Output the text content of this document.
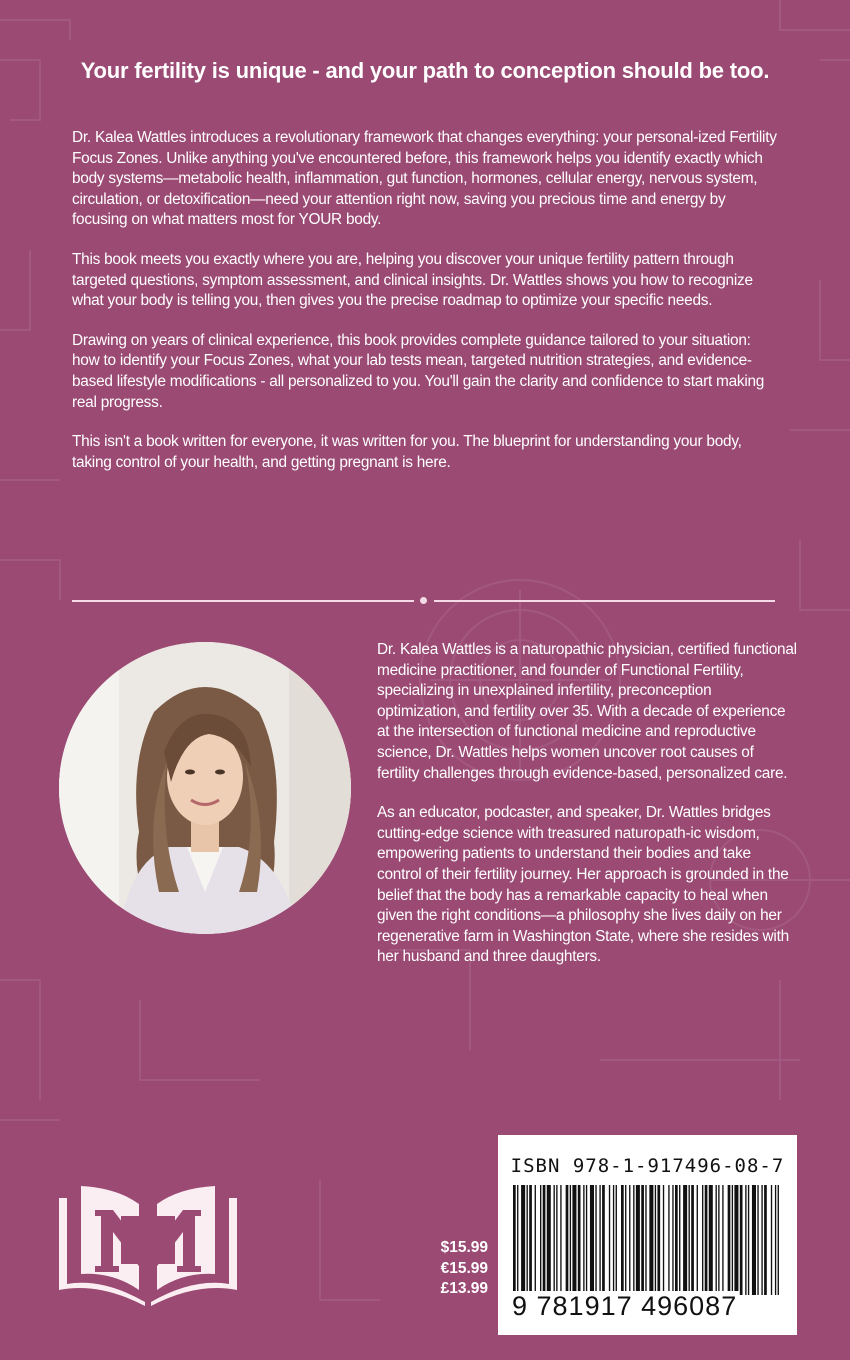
Your fertility is unique - and your path to conception should be too.

Dr. Kalea Wattles introduces a revolutionary framework that changes everything: your personal-ized Fertility Focus Zones. Unlike anything you've encountered before, this framework helps you identify exactly which body systems—metabolic health, inflammation, gut function, hormones, cellular energy, nervous system, circulation, or detoxification—need your attention right now, saving you precious time and energy by focusing on what matters most for YOUR body.

This book meets you exactly where you are, helping you discover your unique fertility pattern through targeted questions, symptom assessment, and clinical insights. Dr. Wattles shows you how to recognize what your body is telling you, then gives you the precise roadmap to optimize your specific needs.

Drawing on years of clinical experience, this book provides complete guidance tailored to your situation: how to identify your Focus Zones, what your lab tests mean, targeted nutrition strategies, and evidence-based lifestyle modifications - all personalized to you. You'll gain the clarity and confidence to start making real progress.

This isn't a book written for everyone, it was written for you. The blueprint for understanding your body, taking control of your health, and getting pregnant is here.

Dr. Kalea Wattles is a naturopathic physician, certified functional medicine practitioner, and founder of Functional Fertility, specializing in unexplained infertility, preconception optimization, and fertility over 35. With a decade of experience at the intersection of functional medicine and reproductive science, Dr. Wattles helps women uncover root causes of fertility challenges through evidence-based, personalized care.

As an educator, podcaster, and speaker, Dr. Wattles bridges cutting-edge science with treasured naturopath-ic wisdom, empowering patients to understand their bodies and take control of their fertility journey. Her approach is grounded in the belief that the body has a remarkable capacity to heal when given the right conditions—a philosophy she lives daily on her regenerative farm in Washington State, where she resides with her husband and three daughters.

$15.99
€15.99
£13.99
ISBN 978-1-917496-08-7
9 781917 496087
